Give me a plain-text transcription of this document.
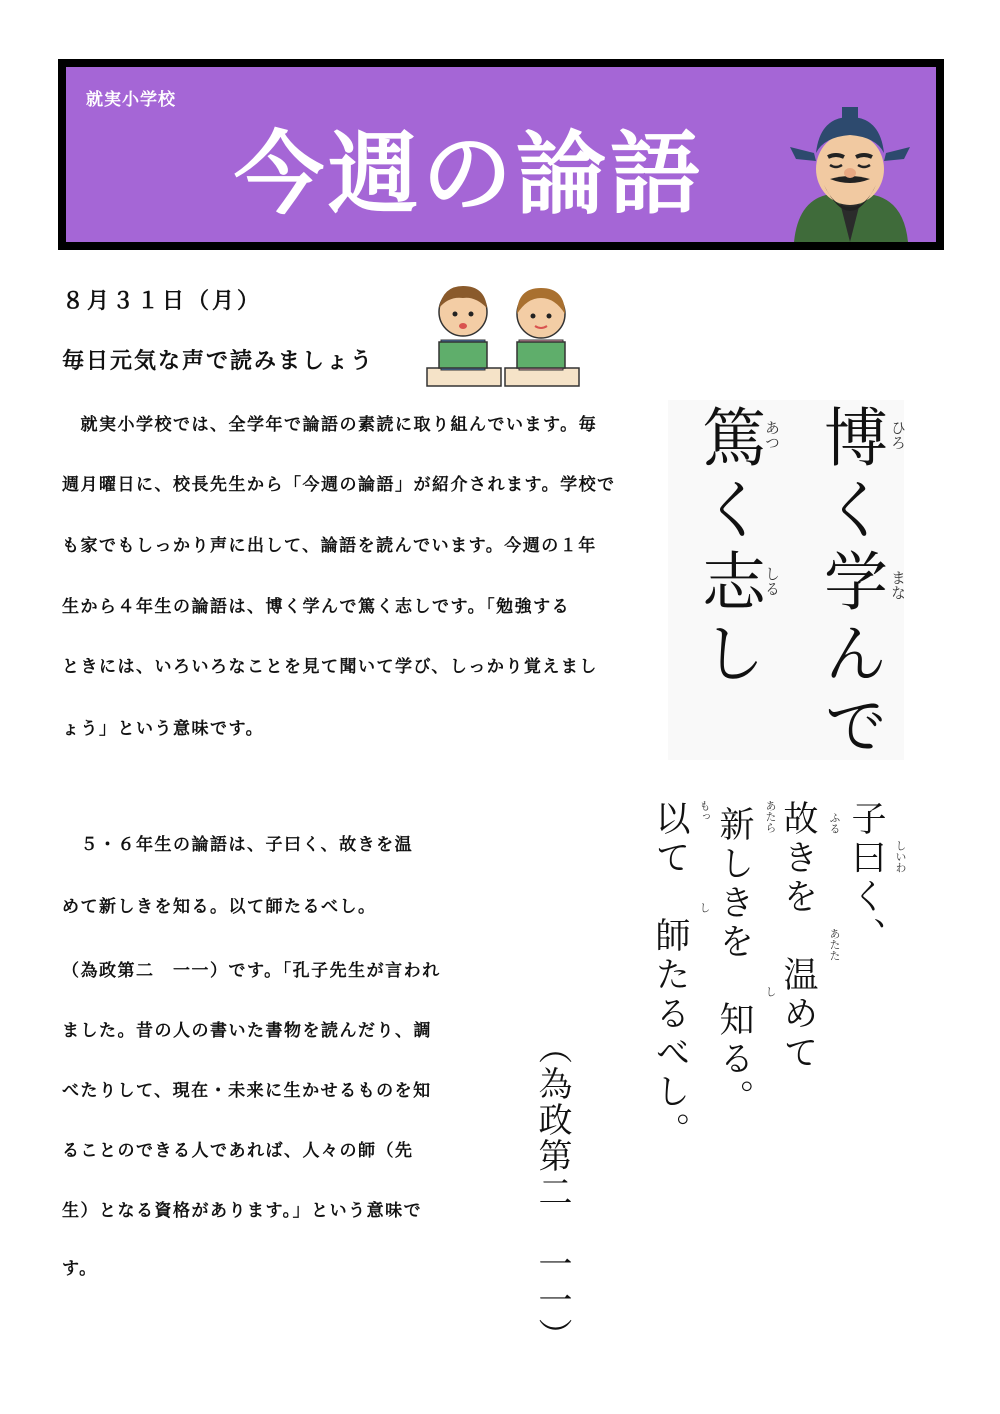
就実小学校
今週の論語
８月３１日（月）
毎日元気な声で読みましょう
　就実小学校では、全学年で論語の素読に取り組んでいます。毎
週月曜日に、校長先生から「今週の論語」が紹介されます。学校で
も家でもしっかり声に出して、論語を読んでいます。今週の１年
生から４年生の論語は、博く学んで篤く志しです。「勉強する
ときには、いろいろなことを見て聞いて学び、しっかり覚えまし
ょう」という意味です。
　５・６年生の論語は、子曰く、故きを温
めて新しきを知る。以て師たるべし。
（為政第二　一一）です。「孔子先生が言われ
ました。昔の人の書いた書物を読んだり、調
べたりして、現在・未来に生かせるものを知
ることのできる人であれば、人々の師（先
生）となる資格があります。」という意味で
す。
博く学んで
篤く志し	ひろ
まな
あつ
しる
子曰く、
故きを　温めて
新しきを　知る。
以て　師たるべし。	しいわ
ふる
あたた
あたら
し
もっ
し
（為政第二　一一）
